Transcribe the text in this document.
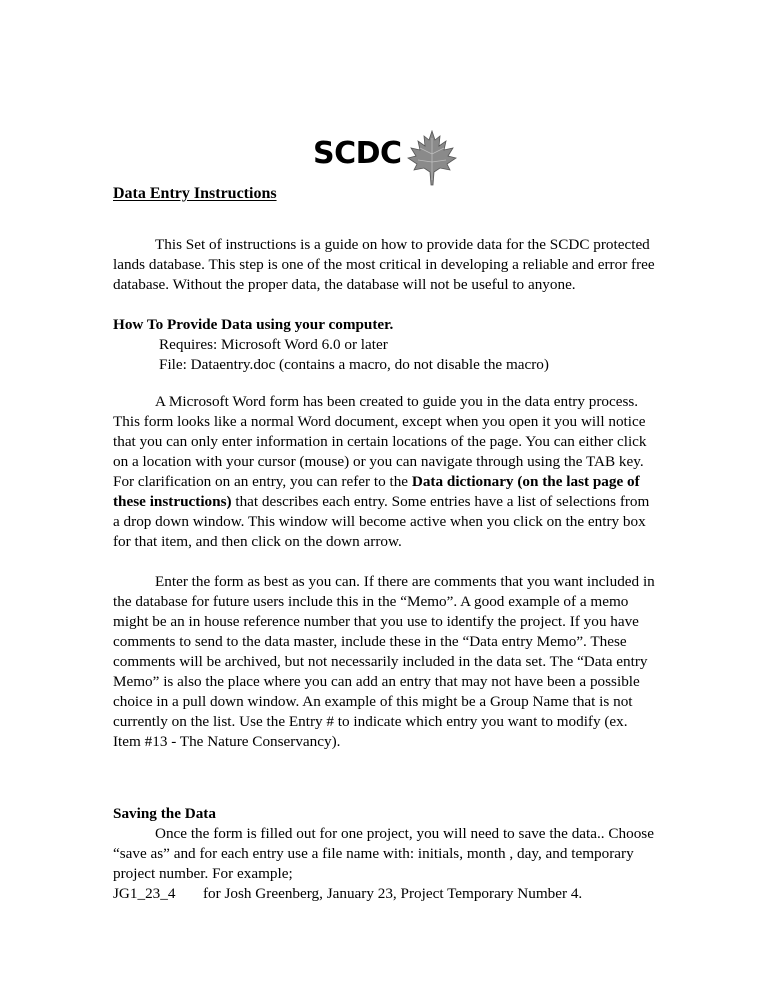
SCDC
Data Entry Instructions

This Set of instructions is a guide on how to provide data for the SCDC protected lands database. This step is one of the most critical in developing a reliable and error free database. Without the proper data, the database will not be useful to anyone.

How To Provide Data using your computer.

Requires: Microsoft Word 6.0 or later

File: Dataentry.doc (contains a macro, do not disable the macro)

A Microsoft Word form has been created to guide you in the data entry process. This form looks like a normal Word document, except when you open it you will notice that you can only enter information in certain locations of the page. You can either click on a location with your cursor (mouse) or you can navigate through using the TAB key. For clarification on an entry, you can refer to the Data dictionary (on the last page of these instructions) that describes each entry. Some entries have a list of selections from a drop down window. This window will become active when you click on the entry box for that item, and then click on the down arrow.

Enter the form as best as you can. If there are comments that you want included in the database for future users include this in the “Memo”. A good example of a memo might be an in house reference number that you use to identify the project. If you have comments to send to the data master, include these in the “Data entry Memo”. These comments will be archived, but not necessarily included in the data set. The “Data entry Memo” is also the place where you can add an entry that may not have been a possible choice in a pull down window. An example of this might be a Group Name that is not currently on the list. Use the Entry # to indicate which entry you want to modify (ex. Item #13 - The Nature Conservancy).

Saving the Data

Once the form is filled out for one project, you will need to save the data.. Choose “save as” and for each entry use a file name with: initials, month , day, and temporary project number. For example;

JG1_23_4 for Josh Greenberg, January 23, Project Temporary Number 4.
